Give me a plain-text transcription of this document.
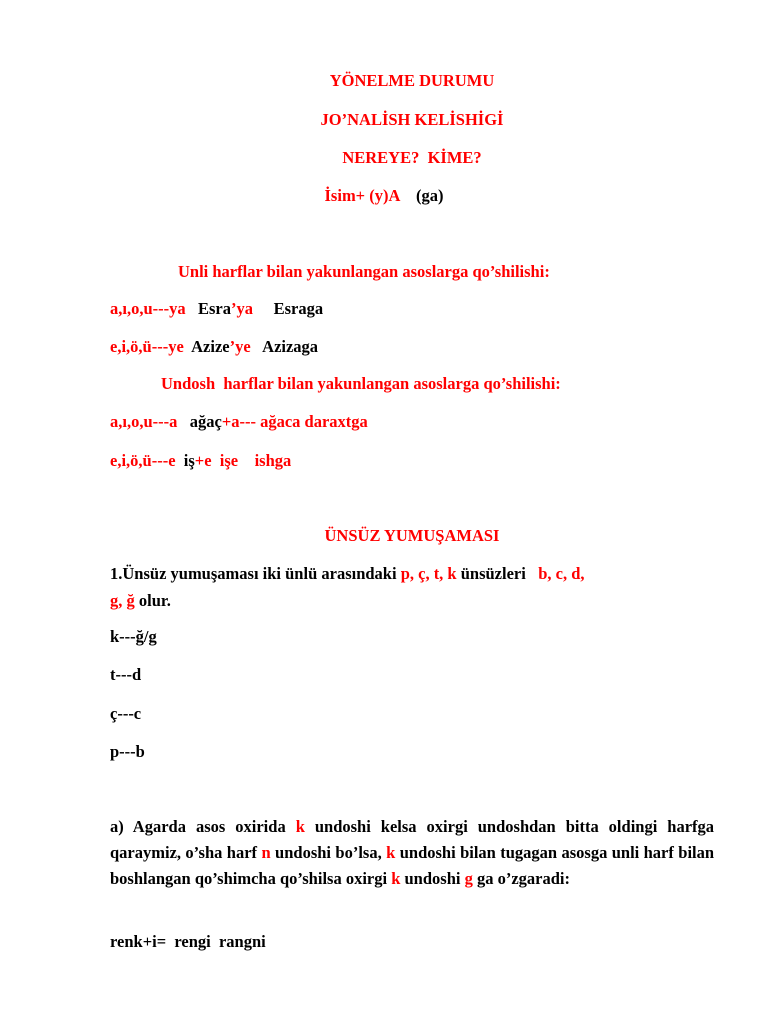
YÖNELME DURUMU
JO’NALİSH KELİSHİGİ
NEREYE?  KİME?
İsim+ (y)A (ga)
Unli harflar bilan yakunlangan asoslarga qo’shilishi:
a,ı,o,u---ya Esra’ya Esraga
e,i,ö,ü---ye Azize’ye Azizaga
Undosh  harflar bilan yakunlangan asoslarga qo’shilishi:
a,ı,o,u---a ağaç+a--- ağaca daraxtga
e,i,ö,ü---e iş+e  işe    ishga
ÜNSÜZ YUMUŞAMASI
1.Ünsüz yumuşaması iki ünlü arasındaki p, ç, t, k ünsüzleri b, c, d,
g, ğ olur.
k---ğ/g
t---d
ç---c
p---b
a) Agarda asos oxirida k undoshi kelsa oxirgi undoshdan bitta oldingi harfga qaraymiz, o’sha harf n undoshi bo’lsa, k undoshi bilan tugagan asosga unli harf bilan boshlangan qo’shimcha qo’shilsa oxirgi k undoshi g ga o’zgaradi:
renk+i=  rengi  rangni
